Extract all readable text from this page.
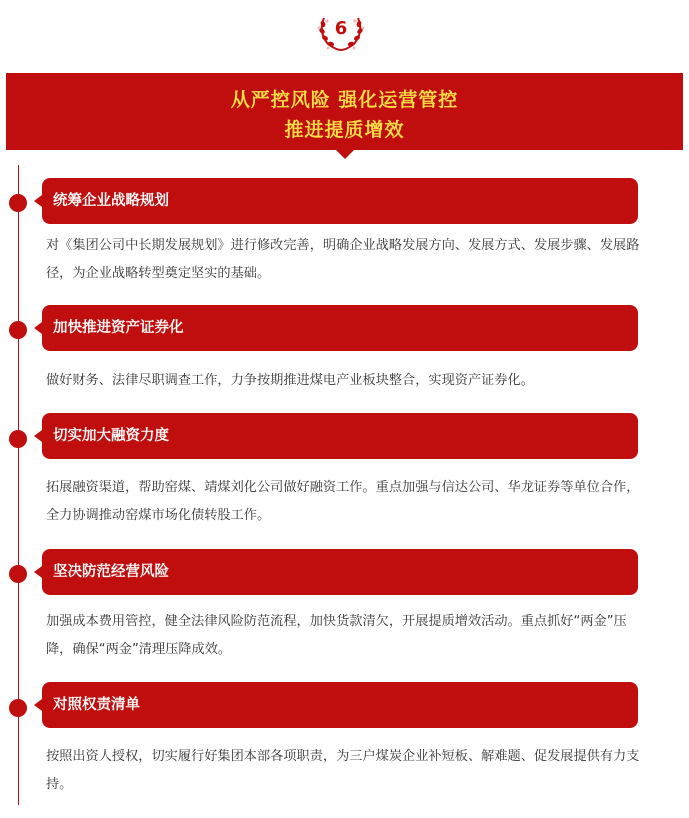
6
从严控风险 强化运营管控
推进提质增效
统筹企业战略规划
对《集团公司中长期发展规划》进行修改完善，明确企业战略发展方向、发展方式、发展步骤、发展路径，为企业战略转型奠定坚实的基础。
加快推进资产证券化
做好财务、法律尽职调查工作，力争按期推进煤电产业板块整合，实现资产证券化。
切实加大融资力度
拓展融资渠道，帮助窑煤、靖煤刘化公司做好融资工作。重点加强与信达公司、华龙证券等单位合作，全力协调推动窑煤市场化债转股工作。
坚决防范经营风险
加强成本费用管控，健全法律风险防范流程，加快货款清欠，开展提质增效活动。重点抓好“两金”压降，确保“两金”清理压降成效。
对照权责清单
按照出资人授权，切实履行好集团本部各项职责，为三户煤炭企业补短板、解难题、促发展提供有力支持。
